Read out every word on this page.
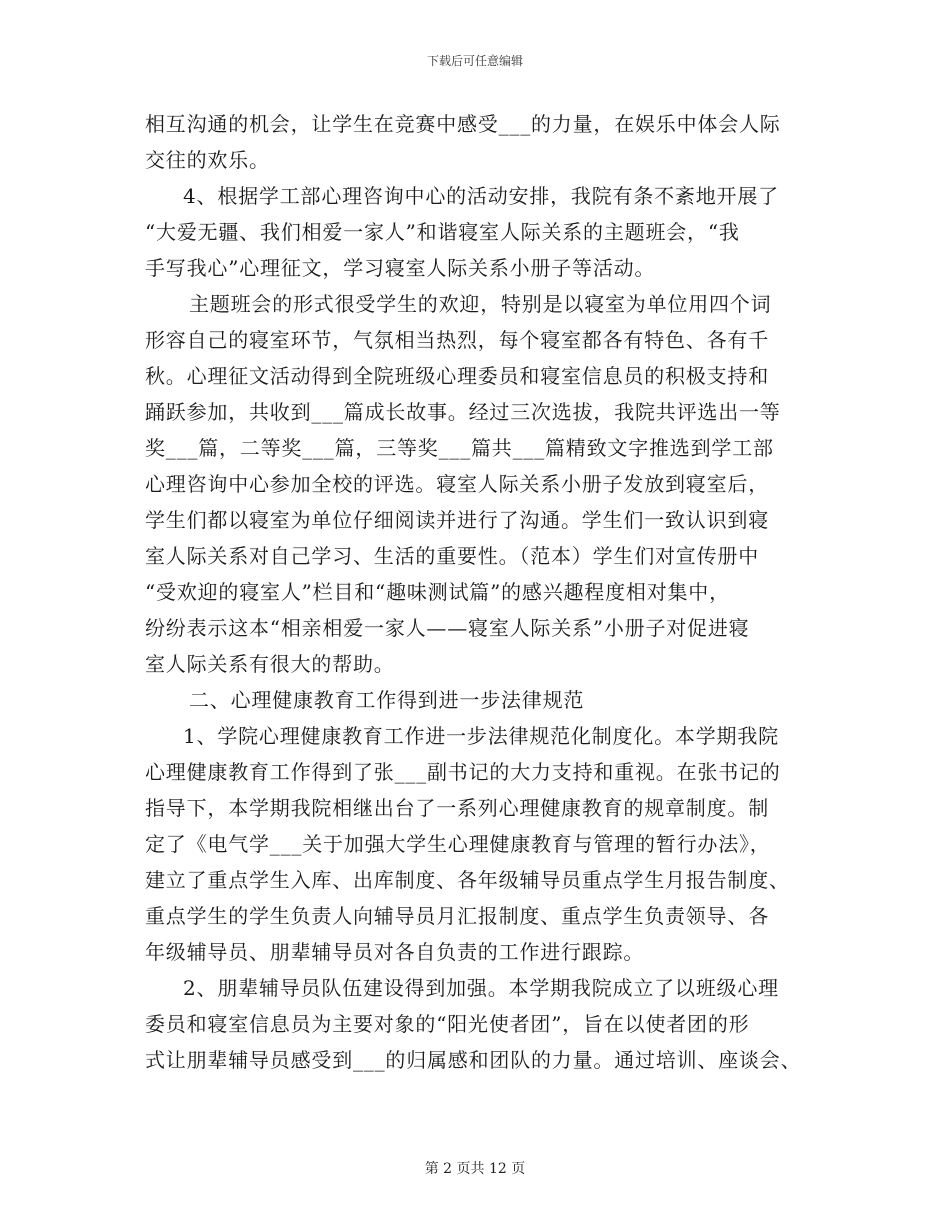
下载后可任意编辑
相互沟通的机会，让学生在竞赛中感受___的力量，在娱乐中体会人际
交往的欢乐。
4、根据学工部心理咨询中心的活动安排，我院有条不紊地开展了
“大爱无疆、我们相爱一家人”和谐寝室人际关系的主题班会，“我
手写我心”心理征文，学习寝室人际关系小册子等活动。
主题班会的形式很受学生的欢迎，特别是以寝室为单位用四个词
形容自己的寝室环节，气氛相当热烈，每个寝室都各有特色、各有千
秋。心理征文活动得到全院班级心理委员和寝室信息员的积极支持和
踊跃参加，共收到___篇成长故事。经过三次选拔，我院共评选出一等
奖___篇，二等奖___篇，三等奖___篇共___篇精致文字推选到学工部
心理咨询中心参加全校的评选。寝室人际关系小册子发放到寝室后，
学生们都以寝室为单位仔细阅读并进行了沟通。学生们一致认识到寝
室人际关系对自己学习、生活的重要性。（范本）学生们对宣传册中
“受欢迎的寝室人”栏目和“趣味测试篇”的感兴趣程度相对集中，
纷纷表示这本“相亲相爱一家人——寝室人际关系”小册子对促进寝
室人际关系有很大的帮助。
二、心理健康教育工作得到进一步法律规范
1、学院心理健康教育工作进一步法律规范化制度化。本学期我院
心理健康教育工作得到了张___副书记的大力支持和重视。在张书记的
指导下，本学期我院相继出台了一系列心理健康教育的规章制度。制
定了《电气学___关于加强大学生心理健康教育与管理的暂行办法》，
建立了重点学生入库、出库制度、各年级辅导员重点学生月报告制度、
重点学生的学生负责人向辅导员月汇报制度、重点学生负责领导、各
年级辅导员、朋辈辅导员对各自负责的工作进行跟踪。
2、朋辈辅导员队伍建设得到加强。本学期我院成立了以班级心理
委员和寝室信息员为主要对象的“阳光使者团”，旨在以使者团的形
式让朋辈辅导员感受到___的归属感和团队的力量。通过培训、座谈会、
第 2 页共 12 页
